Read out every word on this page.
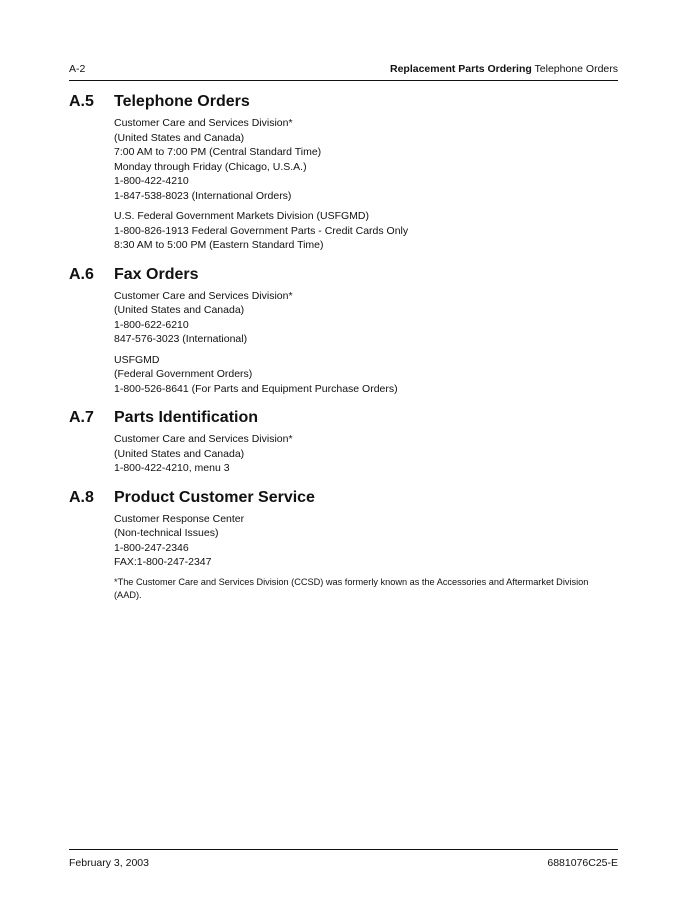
A-2	Replacement Parts Ordering Telephone Orders
A.5 Telephone Orders
Customer Care and Services Division*
(United States and Canada)
7:00 AM to 7:00 PM (Central Standard Time)
Monday through Friday (Chicago, U.S.A.)
1-800-422-4210
1-847-538-8023 (International Orders)
U.S. Federal Government Markets Division (USFGMD)
1-800-826-1913 Federal Government Parts - Credit Cards Only
8:30 AM to 5:00 PM (Eastern Standard Time)
A.6 Fax Orders
Customer Care and Services Division*
(United States and Canada)
1-800-622-6210
847-576-3023 (International)
USFGMD
(Federal Government Orders)
1-800-526-8641 (For Parts and Equipment Purchase Orders)
A.7 Parts Identification
Customer Care and Services Division*
(United States and Canada)
1-800-422-4210, menu 3
A.8 Product Customer Service
Customer Response Center
(Non-technical Issues)
1-800-247-2346
FAX:1-800-247-2347
*The Customer Care and Services Division (CCSD) was formerly known as the Accessories and Aftermarket Division (AAD).
February 3, 2003	6881076C25-E
